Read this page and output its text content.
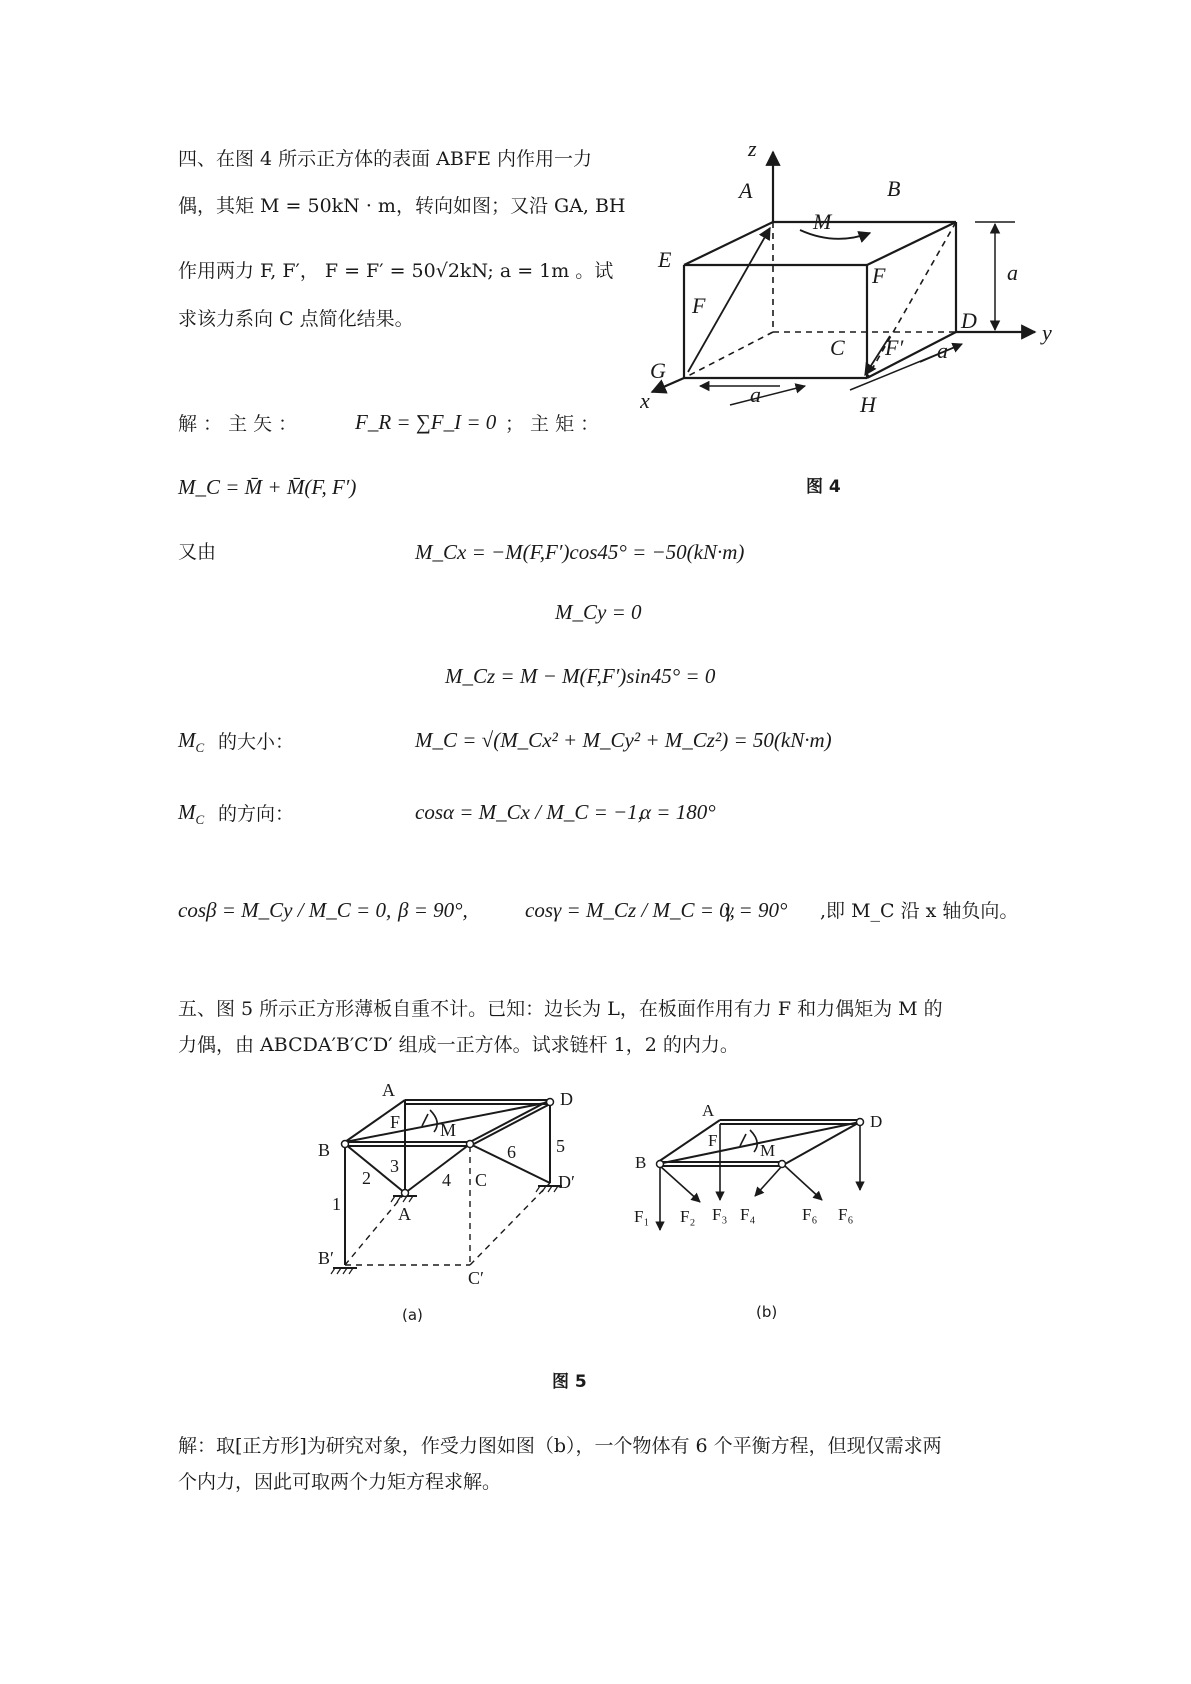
四、在图 4 所示正方体的表面 ABFE 内作用一力
偶，其矩 M = 50kN · m，转向如图；又沿 GA, BH
作用两力 F, F′， F = F′ = 50√2kN; a = 1m 。试
求该力系向 C 点简化结果。
z
A	B
M
a
E
F
F
D	y
C F′ a
G
x	a	H
图 4
解 ： 主 矢 ：	F_R = ∑F_I = 0 ； 主 矩 ：
M_C = M̄ + M̄(F, F′)
又由	M_Cx = −M(F,F′)cos45° = −50(kN·m)
M_Cy = 0
M_Cz = M − M(F,F′)sin45° = 0
$M_C$ 的大小：	M_C = √(M_Cx² + M_Cy² + M_Cz²) = 50(kN·m)
$M_C$ 的方向：	cosα = M_Cx / M_C = −1,
α = 180°
cosβ = M_Cy / M_C = 0, β = 90°,	cosγ = M_Cz / M_C = 0,
γ = 90° ,即 M_C 沿 x 轴负向。
五、图 5 所示正方形薄板自重不计。已知：边长为 L，在板面作用有力 F 和力偶矩为 M 的
力偶，由 ABCDA′B′C′D′ 组成一正方体。试求链杆 1，2 的内力。
A	D
F M
B
3
6 5
2	4 C	D′
1	A
B′
C′
(a)
A
D
F
M
B
F₁ F₂ F₃ F₄	F₆ F₆
(b)
图 5
解：取[正方形]为研究对象，作受力图如图（b），一个物体有 6 个平衡方程，但现仅需求两
个内力，因此可取两个力矩方程求解。
